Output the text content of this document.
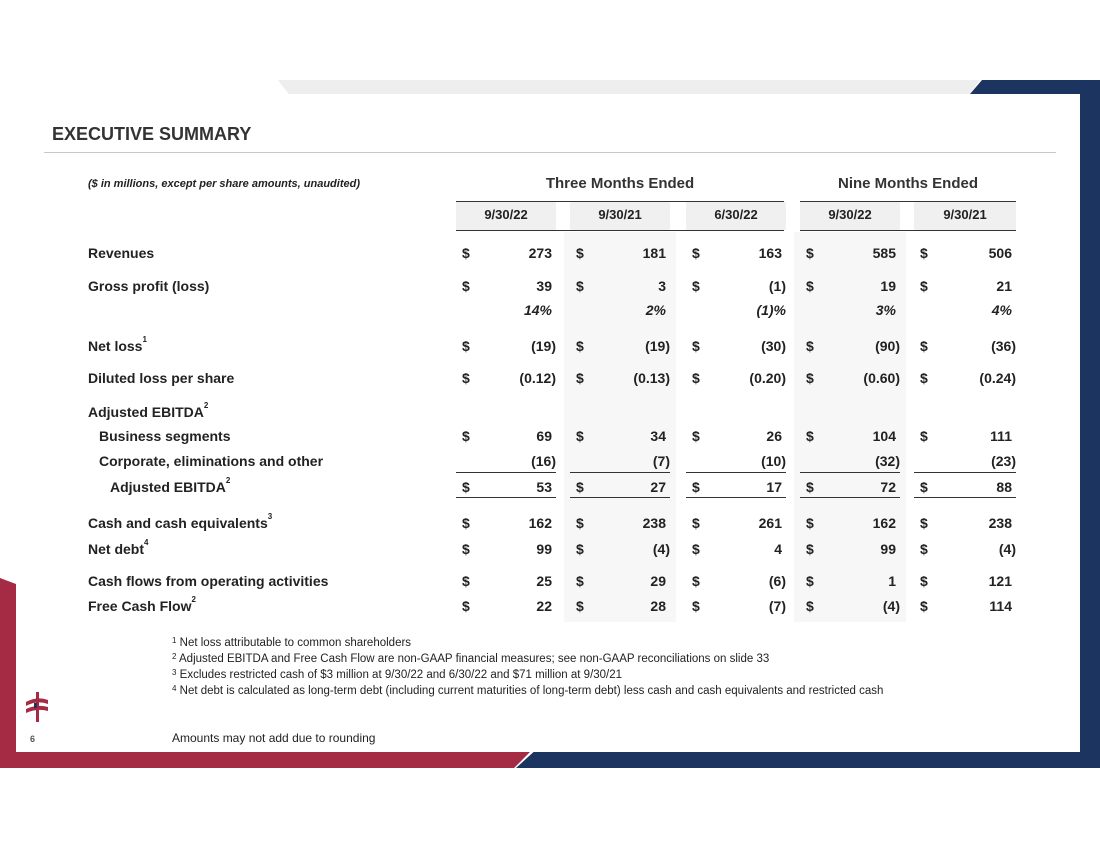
EXECUTIVE SUMMARY
($ in millions, except per share amounts, unaudited)	Three Months Ended	Nine Months Ended
9/30/22	9/30/21	6/30/22	9/30/22	9/30/21
Revenues	$	273 $	181 $	163 $	585 $	506
Gross profit (loss)	$	39 $	3 $	(1) $	19 $	21
14%	2%	(1)%	3%	4%
Net loss$^1$	$	(19) $	(19) $	(30) $	(90) $	(36)
Diluted loss per share	$	(0.12) $	(0.13) $	(0.20) $	(0.60) $	(0.24)
Adjusted EBITDA$^2$
Business segments	$	69 $	34 $	26 $	104 $	111
Corporate, eliminations and other	(16)	(7)	(10)	(32)	(23)
Adjusted EBITDA$^2$	$	53 $	27 $	17 $	72 $	88
Cash and cash equivalents$^3$	$	162 $	238 $	261 $	162 $	238
Net debt$^4$	$	99 $	(4) $	4 $	99 $	(4)
Cash flows from operating activities	$	25 $	29 $	(6) $	1 $	121
Free Cash Flow$^2$	$	22 $	28 $	(7) $	(4) $	114
$^1$ Net loss attributable to common shareholders
$^2$ Adjusted EBITDA and Free Cash Flow are non-GAAP financial measures; see non-GAAP reconciliations on slide 33
$^3$ Excludes restricted cash of $3 million at 9/30/22 and 6/30/22 and $71 million at 9/30/21
$^4$ Net debt is calculated as long-term debt (including current maturities of long-term debt) less cash and cash equivalents and restricted cash
Amounts may not add due to rounding
6
